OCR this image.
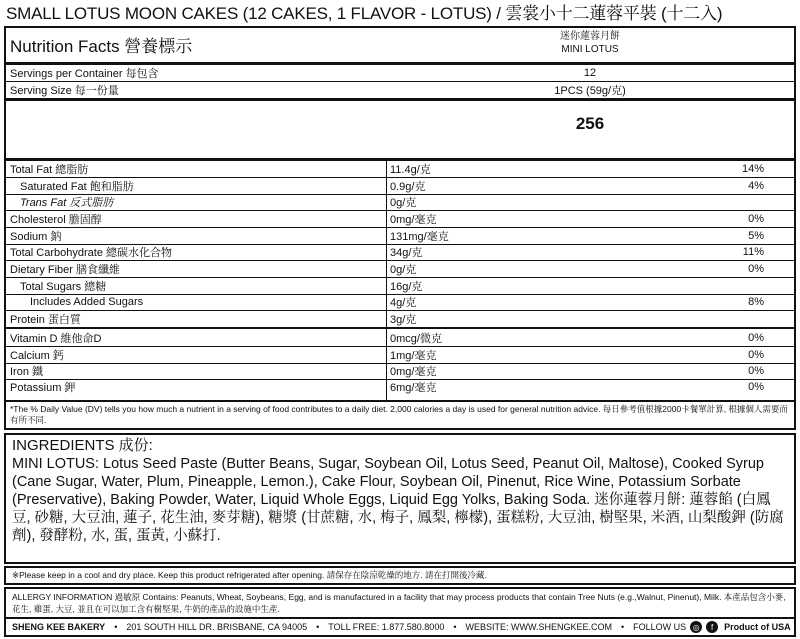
SMALL LOTUS MOON CAKES (12 CAKES, 1 FLAVOR - LOTUS) / 雲裳小十二蓮蓉平裝 (十二入)
Nutrition Facts 營養標示
迷你蓮蓉月餅
MINI LOTUS
Servings per Container 每包含	12
Serving Size 每一份量	1PCS (59g/克)
256
Total Fat 總脂肪	11.4g/克	14%
Saturated Fat 飽和脂肪	0.9g/克	4%
Trans Fat 反式脂肪	0g/克
Cholesterol 膽固醇	0mg/毫克	0%
Sodium 鈉	131mg/毫克	5%
Total Carbohydrate 總碳水化合物	34g/克	11%
Dietary Fiber 膳食纖維	0g/克	0%
Total Sugars 總糖	16g/克
Includes Added Sugars	4g/克	8%
Protein 蛋白質	3g/克
Vitamin D 維他命D	0mcg/微克	0%
Calcium 鈣	1mg/毫克	0%
Iron 鐵	0mg/毫克	0%
Potassium 鉀	6mg/毫克	0%
*The % Daily Value (DV) tells you how much a nutrient in a serving of food contributes to a daily diet. 2,000 calories a day is used for general nutrition advice. 每日參考值根據2000卡餐單計算, 根據個人需要而有所不同.
INGREDIENTS 成份:
MINI LOTUS: Lotus Seed Paste (Butter Beans, Sugar, Soybean Oil, Lotus Seed, Peanut Oil, Maltose), Cooked Syrup (Cane Sugar, Water, Plum, Pineapple, Lemon.), Cake Flour, Soybean Oil, Pinenut, Rice Wine, Potassium Sorbate (Preservative), Baking Powder, Water, Liquid Whole Eggs, Liquid Egg Yolks, Baking Soda. 迷你蓮蓉月餅: 蓮蓉餡 (白鳳豆, 砂糖, 大豆油, 蓮子, 花生油, 麥芽糖), 糖漿 (甘蔗糖, 水, 梅子, 鳳梨, 檸檬), 蛋糕粉, 大豆油, 樹堅果, 米酒, 山梨酸鉀 (防腐劑), 發酵粉, 水, 蛋, 蛋黃, 小蘇打.
※Please keep in a cool and dry place. Keep this product refrigerated after opening. 請保存在陰涼乾燥的地方. 請在打開後冷藏.
ALLERGY INFORMATION 過敏原 Contains: Peanuts, Wheat, Soybeans, Egg, and is manufactured in a facility that may process products that contain Tree Nuts (e.g.,Walnut, Pinenut), Milk. 本產品包含小麥, 花生, 雞蛋, 大豆, 並且在可以加工含有樹堅果, 牛奶的產品的設施中生產.
SHENG KEE BAKERY	•	201 SOUTH HILL DR. BRISBANE, CA 94005	•	TOLL FREE: 1.877.580.8000	•	WEBSITE: WWW.SHENGKEE.COM	•	FOLLOW US ◎	f	Product of USA
